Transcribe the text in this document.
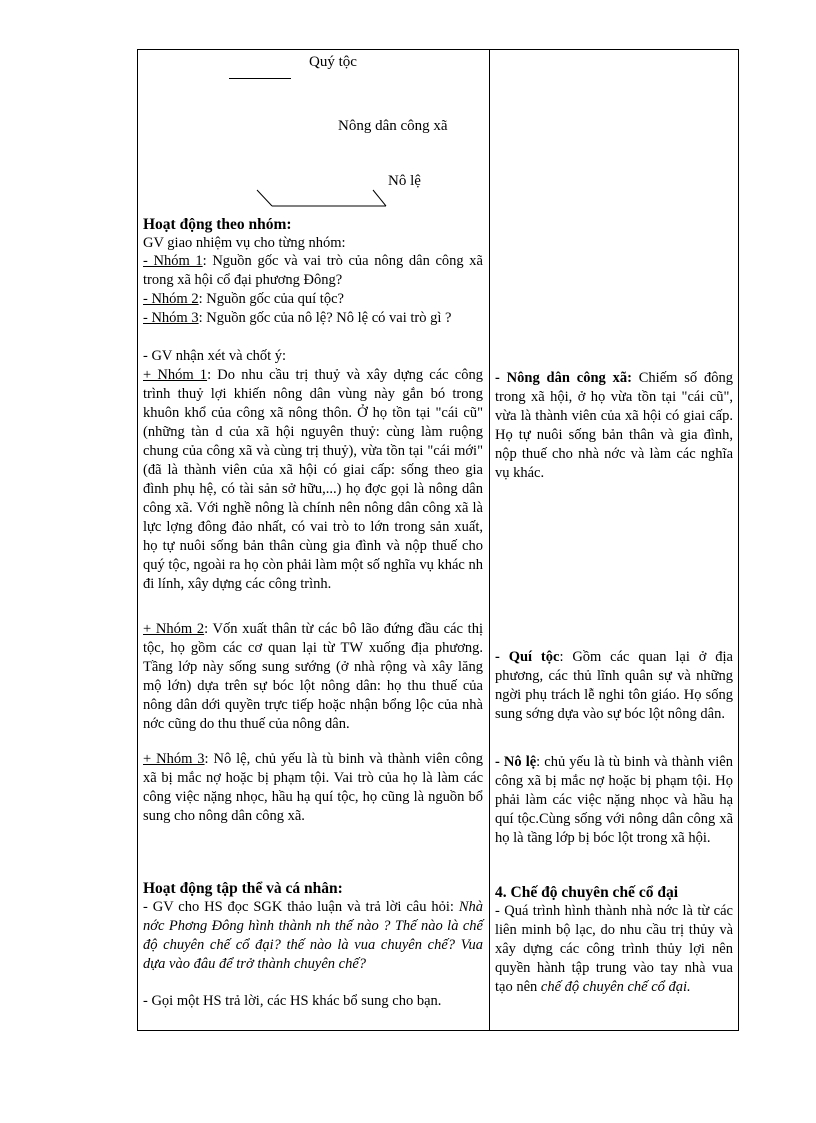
Quý tộc
Nông dân công xã
Nô lệ

Hoạt động theo nhóm:

GV giao nhiệm vụ cho từng nhóm:

- Nhóm 1: Nguồn gốc và vai trò của nông dân công xã trong xã hội cổ đại phương Đông?

- Nhóm 2: Nguồn gốc của quí tộc?

- Nhóm 3: Nguồn gốc của nô lệ? Nô lệ có vai trò gì ?

- GV nhận xét và chốt ý:

+ Nhóm 1: Do nhu cầu trị thuỷ và xây dựng các công trình thuỷ lợi khiến nông dân vùng này gắn bó trong khuôn khổ của công xã nông thôn. Ở họ tồn tại "cái cũ" (những tàn d của xã hội nguyên thuỷ: cùng làm ruộng chung của công xã và cùng trị thuỷ), vừa tồn tại "cái mới" (đã là thành viên của xã hội có giai cấp: sống theo gia đình phụ hệ, có tài sản sở hữu,...) họ đợc gọi là nông dân công xã. Với nghề nông là chính nên nông dân công xã là lực lợng đông đảo nhất, có vai trò to lớn trong sản xuất, họ tự nuôi sống bản thân cùng gia đình và nộp thuế cho quý tộc, ngoài ra họ còn phải làm một số nghĩa vụ khác nh đi lính, xây dựng các công trình.

+ Nhóm 2: Vốn xuất thân từ các bô lão đứng đầu các thị tộc, họ gồm các cơ quan lại từ TW xuống địa phương. Tầng lớp này sống sung sướng (ở nhà rộng và xây lăng mộ lớn) dựa trên sự bóc lột nông dân: họ thu thuế của nông dân dới quyền trực tiếp hoặc nhận bổng lộc của nhà nớc cũng do thu thuế của nông dân.

+ Nhóm 3: Nô lệ, chủ yếu là tù binh và thành viên công xã bị mắc nợ hoặc bị phạm tội. Vai trò của họ là làm các công việc nặng nhọc, hầu hạ quí tộc, họ cũng là nguồn bổ sung cho nông dân công xã.

Hoạt động tập thể và cá nhân:

- GV cho HS đọc SGK thảo luận và trả lời câu hỏi: Nhà nớc Phơng Đông hình thành nh thế nào ? Thế nào là chế độ chuyên chế cổ đại? thế nào là vua chuyên chế? Vua dựa vào đâu để trở thành chuyên chế?

- Gọi một HS trả lời, các HS khác bổ sung cho bạn.

- Nông dân công xã: Chiếm số đông trong xã hội, ở họ vừa tồn tại "cái cũ", vừa là thành viên của xã hội có giai cấp. Họ tự nuôi sống bản thân và gia đình, nộp thuế cho nhà nớc và làm các nghĩa vụ khác.

- Quí tộc: Gồm các quan lại ở địa phương, các thủ lĩnh quân sự và những ngời phụ trách lễ nghi tôn giáo. Họ sống sung sớng dựa vào sự bóc lột nông dân.

- Nô lệ: chủ yếu là tù binh và thành viên công xã bị mắc nợ hoặc bị phạm tội. Họ phải làm các việc nặng nhọc và hầu hạ quí tộc.Cùng sống với nông dân công xã họ là tầng lớp bị bóc lột trong xã hội.

4. Chế độ chuyên chế cổ đại

- Quá trình hình thành nhà nớc là từ các liên minh bộ lạc, do nhu cầu trị thủy và xây dựng các công trình thủy lợi nên quyền hành tập trung vào tay nhà vua tạo nên chế độ chuyên chế cổ đại.
